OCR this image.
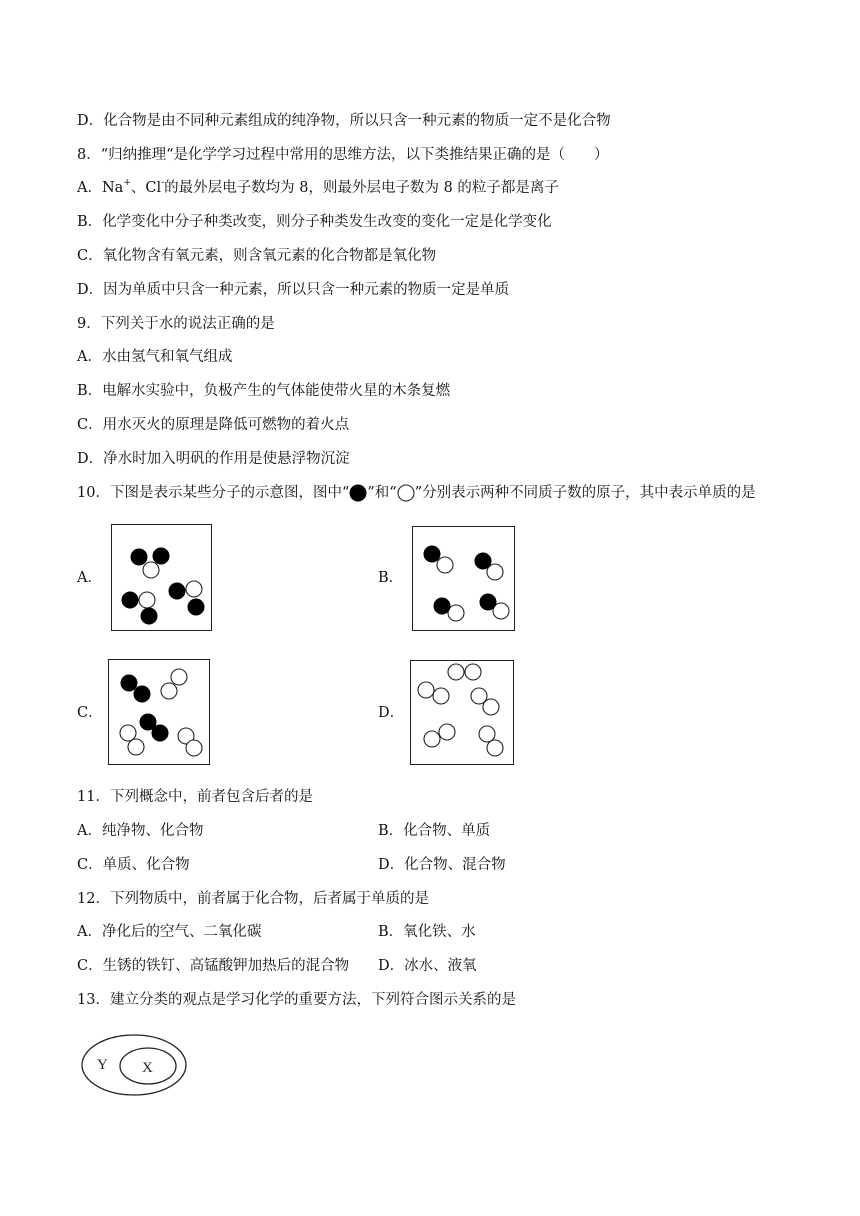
D．化合物是由不同种元素组成的纯净物，所以只含一种元素的物质一定不是化合物
8．“归纳推理“是化学学习过程中常用的思维方法，以下类推结果正确的是（　　）
A．Na+、Cl-的最外层电子数均为 8，则最外层电子数为 8 的粒子都是离子
B．化学变化中分子种类改变，则分子种类发生改变的变化一定是化学变化
C．氧化物含有氧元素，则含氧元素的化合物都是氧化物
D．因为单质中只含一种元素，所以只含一种元素的物质一定是单质
9．下列关于水的说法正确的是
A．水由氢气和氧气组成
B．电解水实验中，负极产生的气体能使带火星的木条复燃
C．用水灭火的原理是降低可燃物的着火点
D．净水时加入明矾的作用是使悬浮物沉淀
10．下图是表示某些分子的示意图，图中“ ”和“ ”分别表示两种不同质子数的原子，其中表示单质的是
A．	B．
C．	D．
11．下列概念中，前者包含后者的是
A．纯净物、化合物	B．化合物、单质
C．单质、化合物	D．化合物、混合物
12．下列物质中，前者属于化合物，后者属于单质的是
A．净化后的空气、二氧化碳	B．氧化铁、水
C．生锈的铁钉、高锰酸钾加热后的混合物 D．冰水、液氧
13．建立分类的观点是学习化学的重要方法，下列符合图示关系的是
Y X
